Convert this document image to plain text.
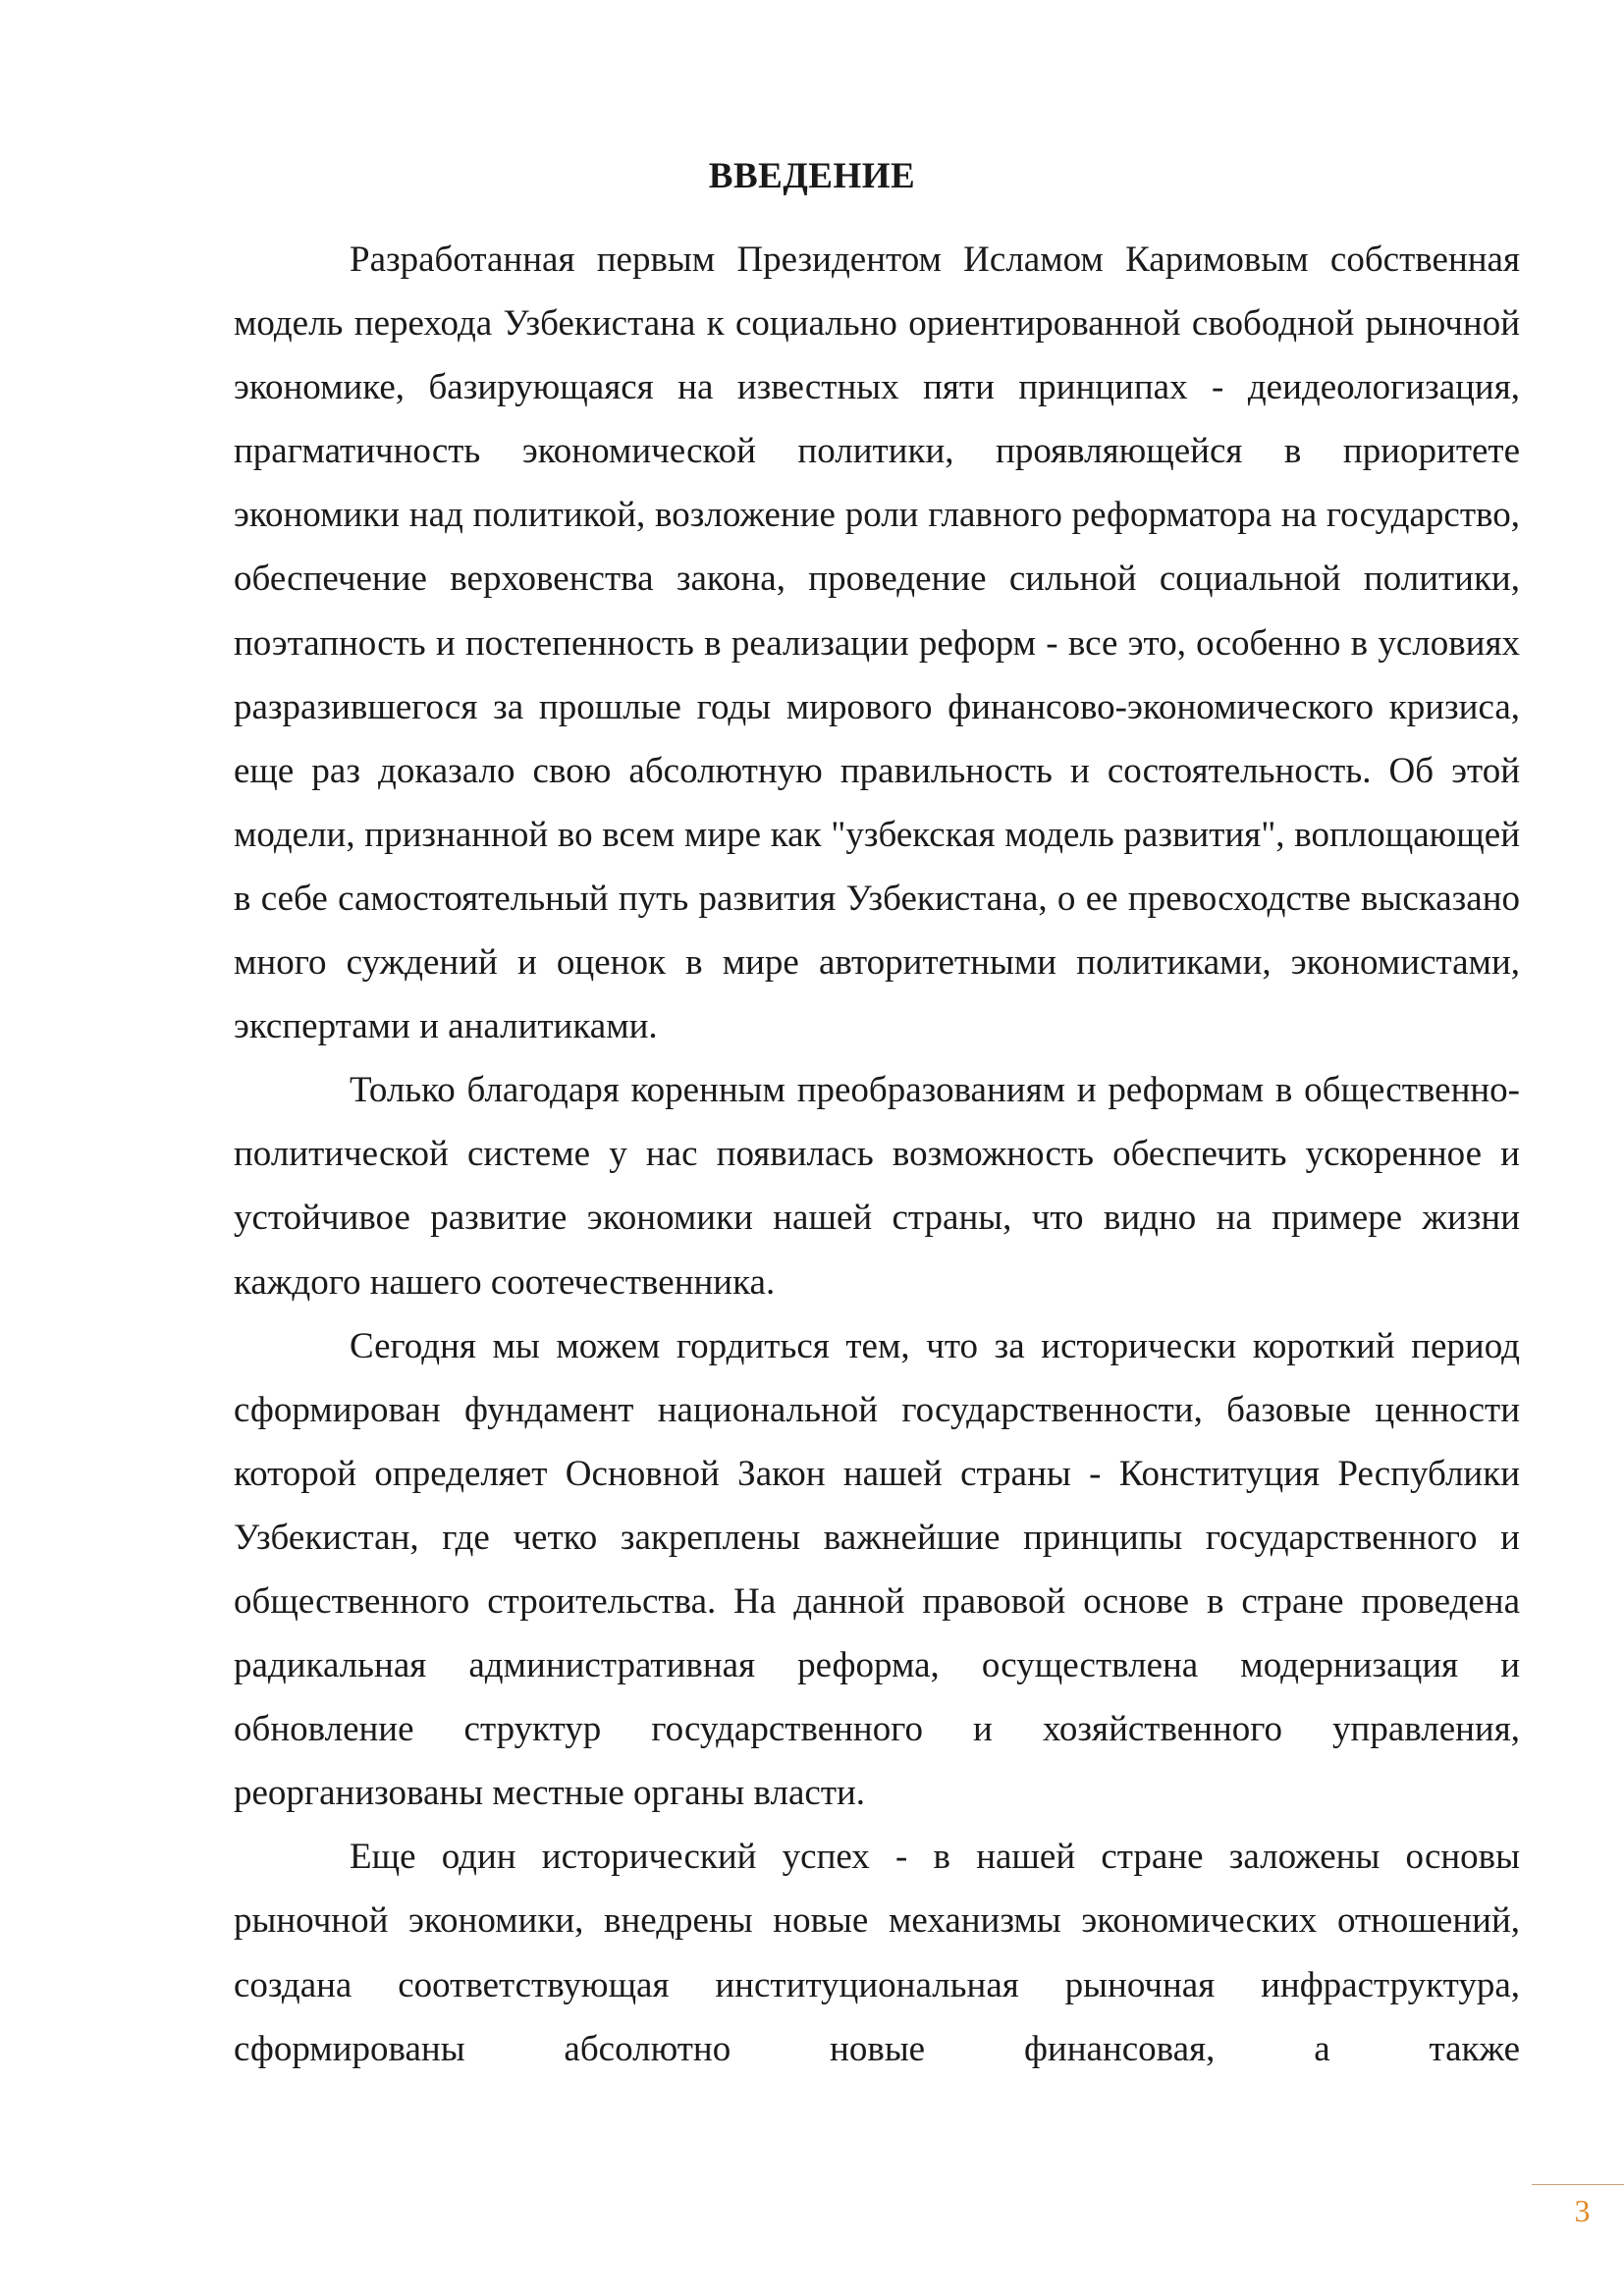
ВВЕДЕНИЕ

Разработанная первым Президентом Исламом Каримовым собственная модель перехода Узбекистана к социально ориентированной свободной рыночной экономике, базирующаяся на известных пяти принципах - деидеологизация, прагматичность экономической политики, проявляющейся в приоритете экономики над политикой, возложение роли главного реформатора на государство, обеспечение верховенства закона, проведение сильной социальной политики, поэтапность и постепенность в реализации реформ - все это, особенно в условиях разразившегося за прошлые годы мирового финансово-экономического кризиса, еще раз доказало свою абсолютную правильность и состоятельность. Об этой модели, признанной во всем мире как "узбекская модель развития", воплощающей в себе самостоятельный путь развития Узбекистана, о ее превосходстве высказано много суждений и оценок в мире авторитетными политиками, экономистами, экспертами и аналитиками.

Только благодаря коренным преобразованиям и реформам в общественно-политической системе у нас появилась возможность обеспечить ускоренное и устойчивое развитие экономики нашей страны, что видно на примере жизни каждого нашего соотечественника.

Сегодня мы можем гордиться тем, что за исторически короткий период сформирован фундамент национальной государственности, базовые ценности которой определяет Основной Закон нашей страны - Конституция Республики Узбекистан, где четко закреплены важнейшие принципы государственного и общественного строительства. На данной правовой основе в стране проведена радикальная административная реформа, осуществлена модернизация и обновление структур государственного и хозяйственного управления, реорганизованы местные органы власти.

Еще один исторический успех - в нашей стране заложены основы рыночной экономики, внедрены новые механизмы экономических отношений, создана соответствующая институциональная рыночная инфраструктура, сформированы абсолютно новые финансовая, а также

3
